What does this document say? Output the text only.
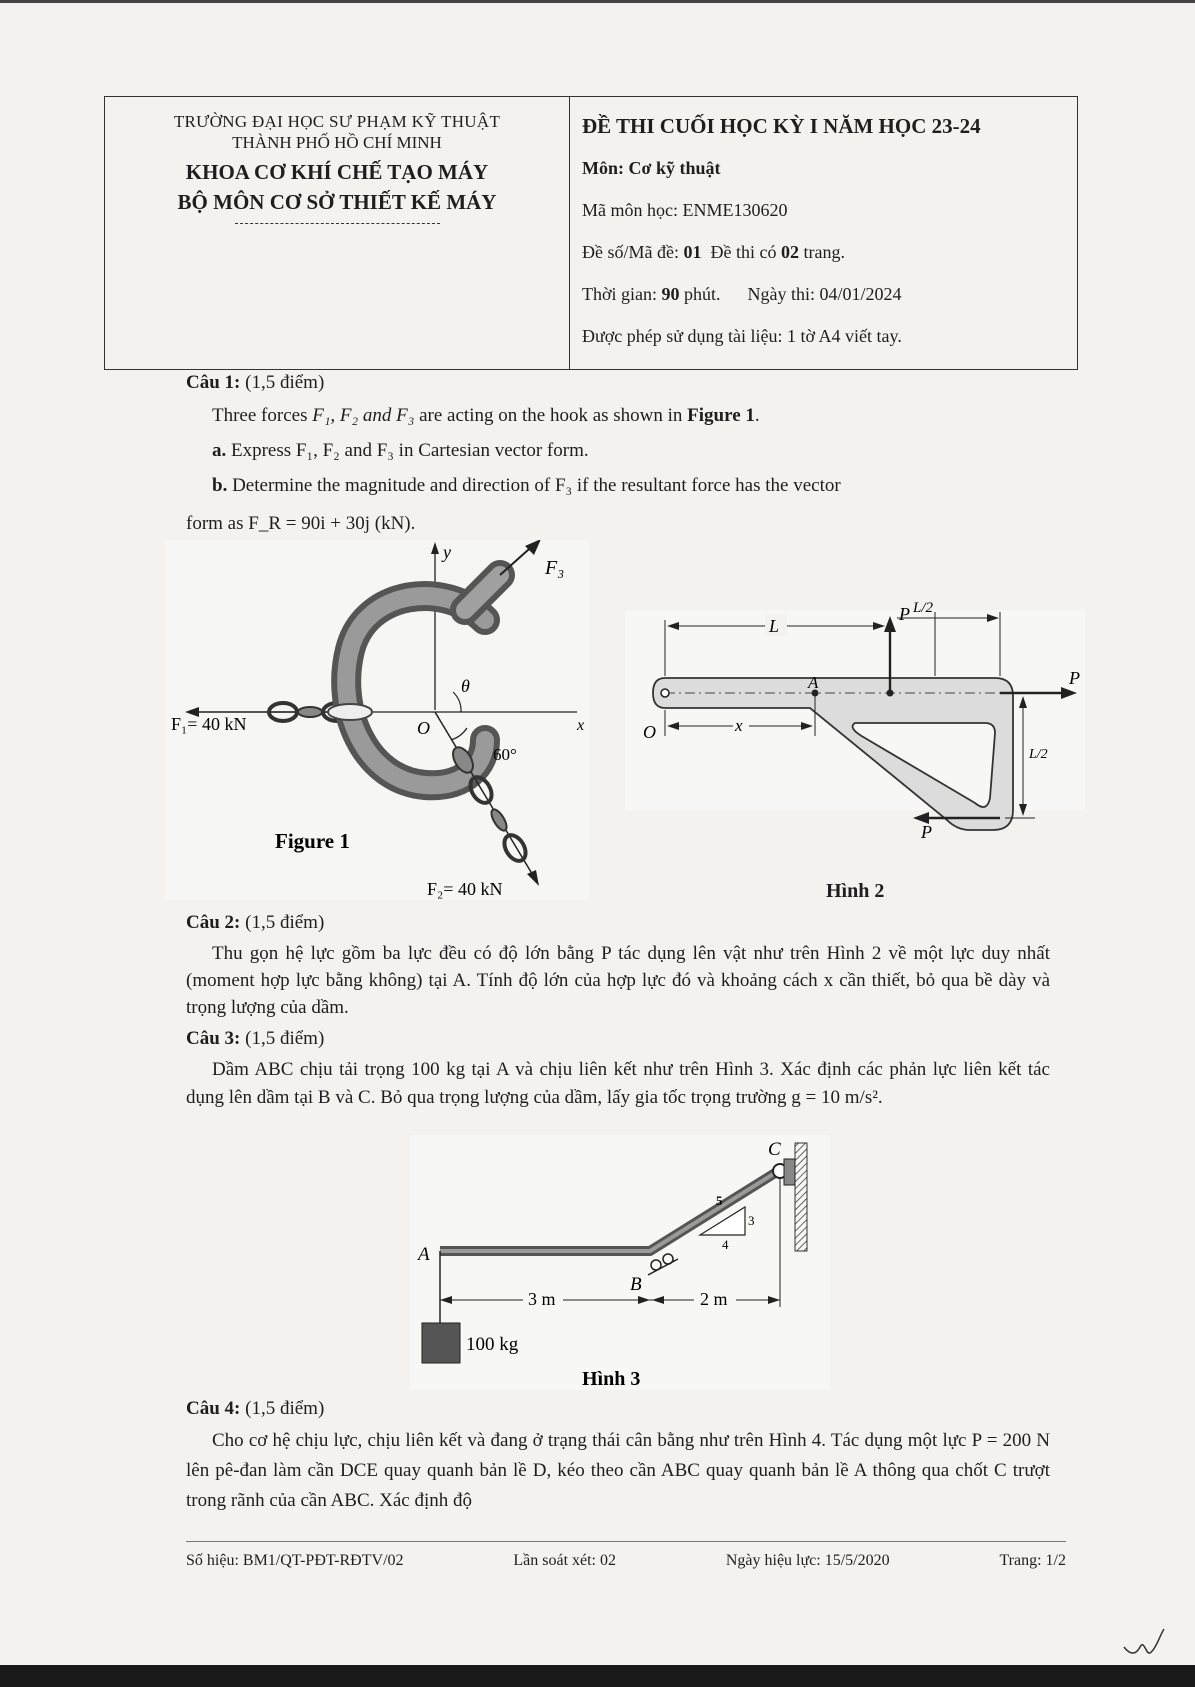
TRƯỜNG ĐẠI HỌC SƯ PHẠM KỸ THUẬT
THÀNH PHỐ HỒ CHÍ MINH
KHOA CƠ KHÍ CHẾ TẠO MÁY
BỘ MÔN CƠ SỞ THIẾT KẾ MÁY
ĐỀ THI CUỐI HỌC KỲ I NĂM HỌC 23-24
Môn: Cơ kỹ thuật
Mã môn học: ENME130620
Đề số/Mã đề: 01 Đề thi có 02 trang.
Thời gian: 90 phút. Ngày thi: 04/01/2024
Được phép sử dụng tài liệu: 1 tờ A4 viết tay.
Câu 1: (1,5 điểm)
Three forces F₁, F₂ and F₃ are acting on the hook as shown in Figure 1.
a. Express F₁, F₂ and F₃ in Cartesian vector form.
b. Determine the magnitude and direction of F₃ if the resultant force has the vector
form as F_R = 90i + 30j (kN).
F₃
θ
O
y
x
60°
F₁= 40 kN
F₂= 40 kN
Figure 1
P
P
P
L
L/2
L/2
x
A
O
Hình 2
Câu 2: (1,5 điểm)
Thu gọn hệ lực gồm ba lực đều có độ lớn bằng P tác dụng lên vật như trên Hình 2 về một lực duy nhất (moment hợp lực bằng không) tại A. Tính độ lớn của hợp lực đó và khoảng cách x cần thiết, bỏ qua bề dày và trọng lượng của dầm.
Câu 3: (1,5 điểm)
Dầm ABC chịu tải trọng 100 kg tại A và chịu liên kết như trên Hình 3. Xác định các phản lực liên kết tác dụng lên dầm tại B và C. Bỏ qua trọng lượng của dầm, lấy gia tốc trọng trường g = 10 m/s².
C
B
A
5
3
4
100 kg
3 m	2 m
Hình 3
Câu 4: (1,5 điểm)
Cho cơ hệ chịu lực, chịu liên kết và đang ở trạng thái cân bằng như trên Hình 4. Tác dụng một lực P = 200 N lên pê-đan làm cần DCE quay quanh bản lề D, kéo theo cần ABC quay quanh bản lề A thông qua chốt C trượt trong rãnh của cần ABC. Xác định độ
Số hiệu: BM1/QT-PĐT-RĐTV/02	Lần soát xét: 02	Ngày hiệu lực: 15/5/2020	Trang: 1/2
